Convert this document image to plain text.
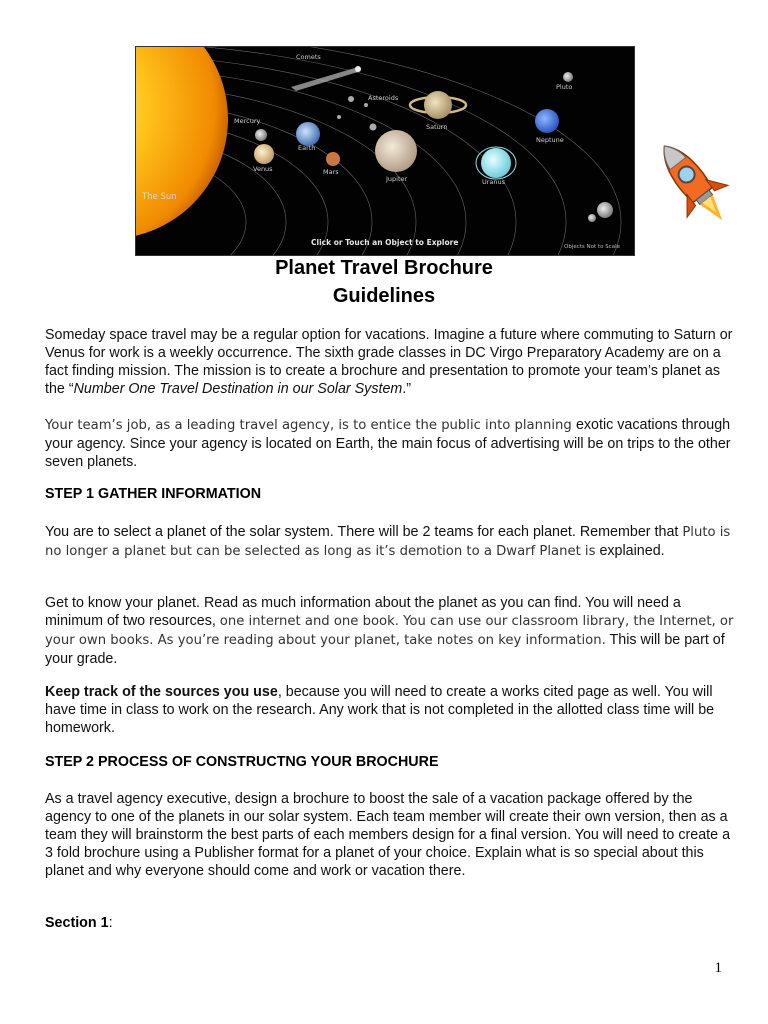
Comets
Pluto
Asteroids
Mercury
Saturn
Neptune
Earth
Venus	Mars
Jupiter	Uranus
The Sun
Click or Touch an Object to Explore	Objects Not to Scale
Planet Travel Brochure
Guidelines

Someday space travel may be a regular option for vacations. Imagine a future where commuting to Saturn or Venus for work is a weekly occurrence. The sixth grade classes in DC Virgo Preparatory Academy are on a fact finding mission. The mission is to create a brochure and presentation to promote your team’s planet as the “Number One Travel Destination in our Solar System.”

Your team’s job, as a leading travel agency, is to entice the public into planning exotic vacations through your agency. Since your agency is located on Earth, the main focus of advertising will be on trips to the other seven planets.

STEP 1 GATHER INFORMATION

You are to select a planet of the solar system. There will be 2 teams for each planet. Remember that Pluto is no longer a planet but can be selected as long as it’s demotion to a Dwarf Planet is explained.

Get to know your planet. Read as much information about the planet as you can find. You will need a minimum of two resources, one internet and one book. You can use our classroom library, the Internet, or your own books. As you’re reading about your planet, take notes on key information. This will be part of your grade.

Keep track of the sources you use, because you will need to create a works cited page as well. You will have time in class to work on the research. Any work that is not completed in the allotted class time will be homework.

STEP 2 PROCESS OF CONSTRUCTNG YOUR BROCHURE

As a travel agency executive, design a brochure to boost the sale of a vacation package offered by the agency to one of the planets in our solar system. Each team member will create their own version, then as a team they will brainstorm the best parts of each members design for a final version. You will need to create a 3 fold brochure using a Publisher format for a planet of your choice. Explain what is so special about this planet and why everyone should come and work or vacation there.

Section 1:
1
